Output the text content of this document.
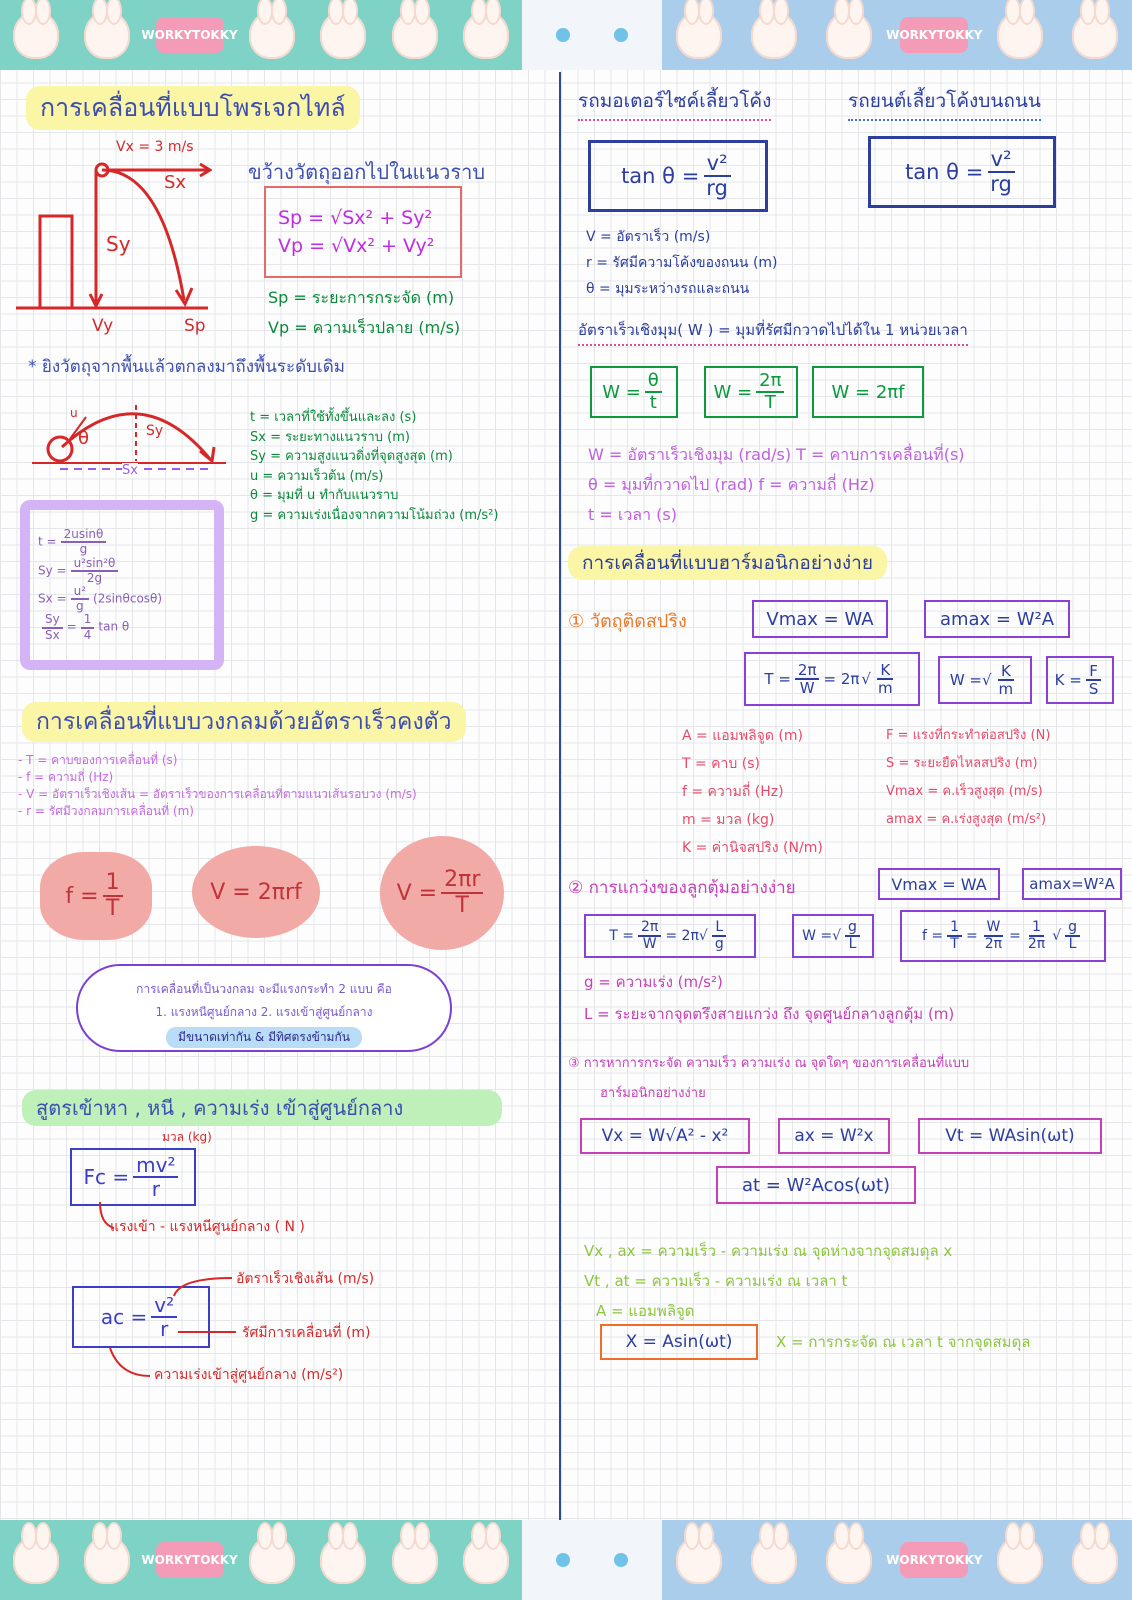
WORKY TOKKY	WORKY TOKKY
การเคลื่อนที่แบบโพรเจกไทล์
Vx = 3 m/s
Sx
Sy
Vy	Sp
ขว้างวัตถุออกไปในแนวราบ
Sp = √Sx² + Sy²
Vp = √Vx² + Vy²
Sp = ระยะการกระจัด (m)
Vp = ความเร็วปลาย (m/s)
* ยิงวัตถุจากพื้นแล้วตกลงมาถึงพื้นระดับเดิม
u
θ	Sy
Sx
t = เวลาที่ใช้ทั้งขึ้นและลง (s)
Sx = ระยะทางแนวราบ (m)
Sy = ความสูงแนวดิ่งที่จุดสูงสุด (m)
u = ความเร็วต้น (m/s)
θ = มุมที่ u ทำกับแนวราบ
g = ความเร่งเนื่องจากความโน้มถ่วง (m/s²)
$t = \frac{2usin\theta}{g}$
$Sy = \frac{\text{u²sin²θ}}{2g}$
$Sx = \frac{\text{u²}}{g} (2\sin\theta\cos\theta)$
$\frac{Sy}{Sx} = \frac{1}{4}$ tan θ
การเคลื่อนที่แบบวงกลมด้วยอัตราเร็วคงตัว
- T = คาบของการเคลื่อนที่ (s)
- f = ความถี่ (Hz)
- V = อัตราเร็วเชิงเส้น = อัตราเร็วของการเคลื่อนที่ตามแนวเส้นรอบวง (m/s)
- r = รัศมีวงกลมการเคลื่อนที่ (m)
$f = \frac{1}{T}$	V = 2πrf	$V = \frac{2\pi r}{T}$
การเคลื่อนที่เป็นวงกลม จะมีแรงกระทำ 2 แบบ คือ
1. แรงหนีศูนย์กลาง 2. แรงเข้าสู่ศูนย์กลาง
มีขนาดเท่ากัน & มีทิศตรงข้ามกัน
สูตรเข้าหา , หนี , ความเร่ง เข้าสู่ศูนย์กลาง
มวล (kg)
$Fc = \frac{\text{mv²}}{r}$
แรงเข้า - แรงหนีศูนย์กลาง ( N )
ac = $\frac{\text{v²}}{r}$
อัตราเร็วเชิงเส้น (m/s)
รัศมีการเคลื่อนที่ (m)
ความเร่งเข้าสู่ศูนย์กลาง (m/s²)
รถมอเตอร์ไซค์เลี้ยวโค้ง	รถยนต์เลี้ยวโค้งบนถนน
$\tan \theta = \frac{\text{v²}}{rg}$	$\tan \theta = \frac{\text{v²}}{rg}$
V = อัตราเร็ว (m/s)
r = รัศมีความโค้งของถนน (m)
θ = มุมระหว่างรถและถนน
อัตราเร็วเชิงมุม( W ) = มุมที่รัศมีกวาดไปได้ใน 1 หน่วยเวลา
$W = \frac{\theta}{t}$	$W = \frac{2\pi}{T}$	W = 2πf
W = อัตราเร็วเชิงมุม (rad/s) T = คาบการเคลื่อนที่(s)
θ = มุมที่กวาดไป (rad) f = ความถี่ (Hz)
t = เวลา (s)
การเคลื่อนที่แบบฮาร์มอนิกอย่างง่าย
① วัตถุติดสปริง	Vmax = WA	amax = W²A
$T = \frac{2\pi}{W} = 2\pi$ √ $\frac{K}{m}$	W = √ $\frac{K}{m}$	$K = \frac{F}{S}$
A = แอมพลิจูด (m)
T = คาบ (s)
f = ความถี่ (Hz)
m = มวล (kg)
K = ค่านิจสปริง (N/m)
F = แรงที่กระทำต่อสปริง (N)
S = ระยะยืดไหลสปริง (m)
Vmax = ค.เร็วสูงสุด (m/s)
amax = ค.เร่งสูงสุด (m/s²)
② การแกว่งของลูกตุ้มอย่างง่าย	Vmax = WA	amax=W²A
$T = \frac{2\pi}{W} = 2\pi$ √ $\frac{L}{g}$	W = √ $\frac{g}{L}$	$f = \frac{1}{T} = \frac{W}{2\pi} = \frac{1}{2\pi}$ √ $\frac{g}{L}$
g = ความเร่ง (m/s²)
L = ระยะจากจุดตรึงสายแกว่ง ถึง จุดศูนย์กลางลูกตุ้ม (m)
③ การหาการกระจัด ความเร็ว ความเร่ง ณ จุดใดๆ ของการเคลื่อนที่แบบ
ฮาร์มอนิกอย่างง่าย
Vx = W√A² - x²	ax = W²x	Vt = WAsin(ωt)
at = W²Acos(ωt)
Vx , ax = ความเร็ว - ความเร่ง ณ จุดห่างจากจุดสมดุล x
Vt , at = ความเร็ว - ความเร่ง ณ เวลา t
A = แอมพลิจูด
X = Asin(ωt)	X = การกระจัด ณ เวลา t จากจุดสมดุล
WORKY TOKKY	WORKY TOKKY
